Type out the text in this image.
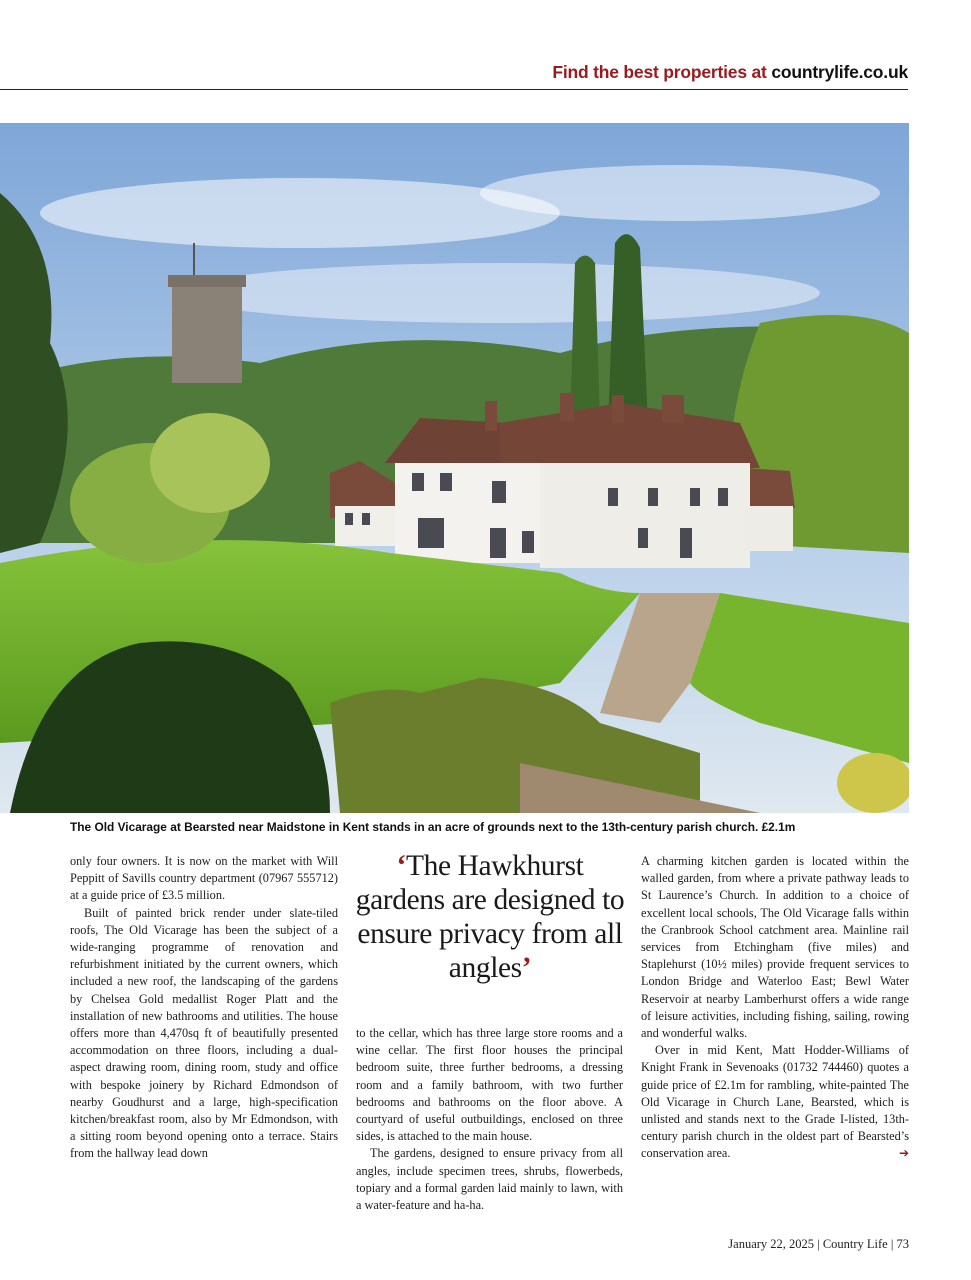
Find the best properties at countrylife.co.uk
The Old Vicarage at Bearsted near Maidstone in Kent stands in an acre of grounds next to the 13th-century parish church. £2.1m

only four owners. It is now on the market with Will Peppitt of Savills country department (07967 555712) at a guide price of £3.5 million.

Built of painted brick render under slate-tiled roofs, The Old Vicarage has been the subject of a wide-ranging programme of renovation and refurbishment initiated by the current owners, which included a new roof, the landscaping of the gardens by Chelsea Gold medallist Roger Platt and the installation of new bathrooms and utilities. The house offers more than 4,470sq ft of beautifully presented accommodation on three floors, including a dual-aspect drawing room, dining room, study and office with bespoke joinery by Richard Edmondson of nearby Goudhurst and a large, high-specification kitchen/breakfast room, also by Mr Edmondson, with a sitting room beyond opening onto a terrace. Stairs from the hallway lead down

‘The Hawkhurst gardens are designed to ensure privacy from all angles’

to the cellar, which has three large store rooms and a wine cellar. The first floor houses the principal bedroom suite, three further bedrooms, a dressing room and a family bathroom, with two further bedrooms and bathrooms on the floor above. A courtyard of useful outbuildings, enclosed on three sides, is attached to the main house.

The gardens, designed to ensure privacy from all angles, include specimen trees, shrubs, flowerbeds, topiary and a formal garden laid mainly to lawn, with a water-feature and ha-ha.

A charming kitchen garden is located within the walled garden, from where a private pathway leads to St Laurence’s Church. In addition to a choice of excellent local schools, The Old Vicarage falls within the Cranbrook School catchment area. Mainline rail services from Etchingham (five miles) and Staplehurst (10½ miles) provide frequent services to London Bridge and Waterloo East; Bewl Water Reservoir at nearby Lamberhurst offers a wide range of leisure activities, including fishing, sailing, rowing and wonderful walks.

Over in mid Kent, Matt Hodder-Williams of Knight Frank in Sevenoaks (01732 744460) quotes a guide price of £2.1m for rambling, white-painted The Old Vicarage in Church Lane, Bearsted, which is unlisted and stands next to the Grade I-listed, 13th-century parish church in the oldest part of Bearsted’s conservation area.	➔

January 22, 2025 | Country Life | 73
